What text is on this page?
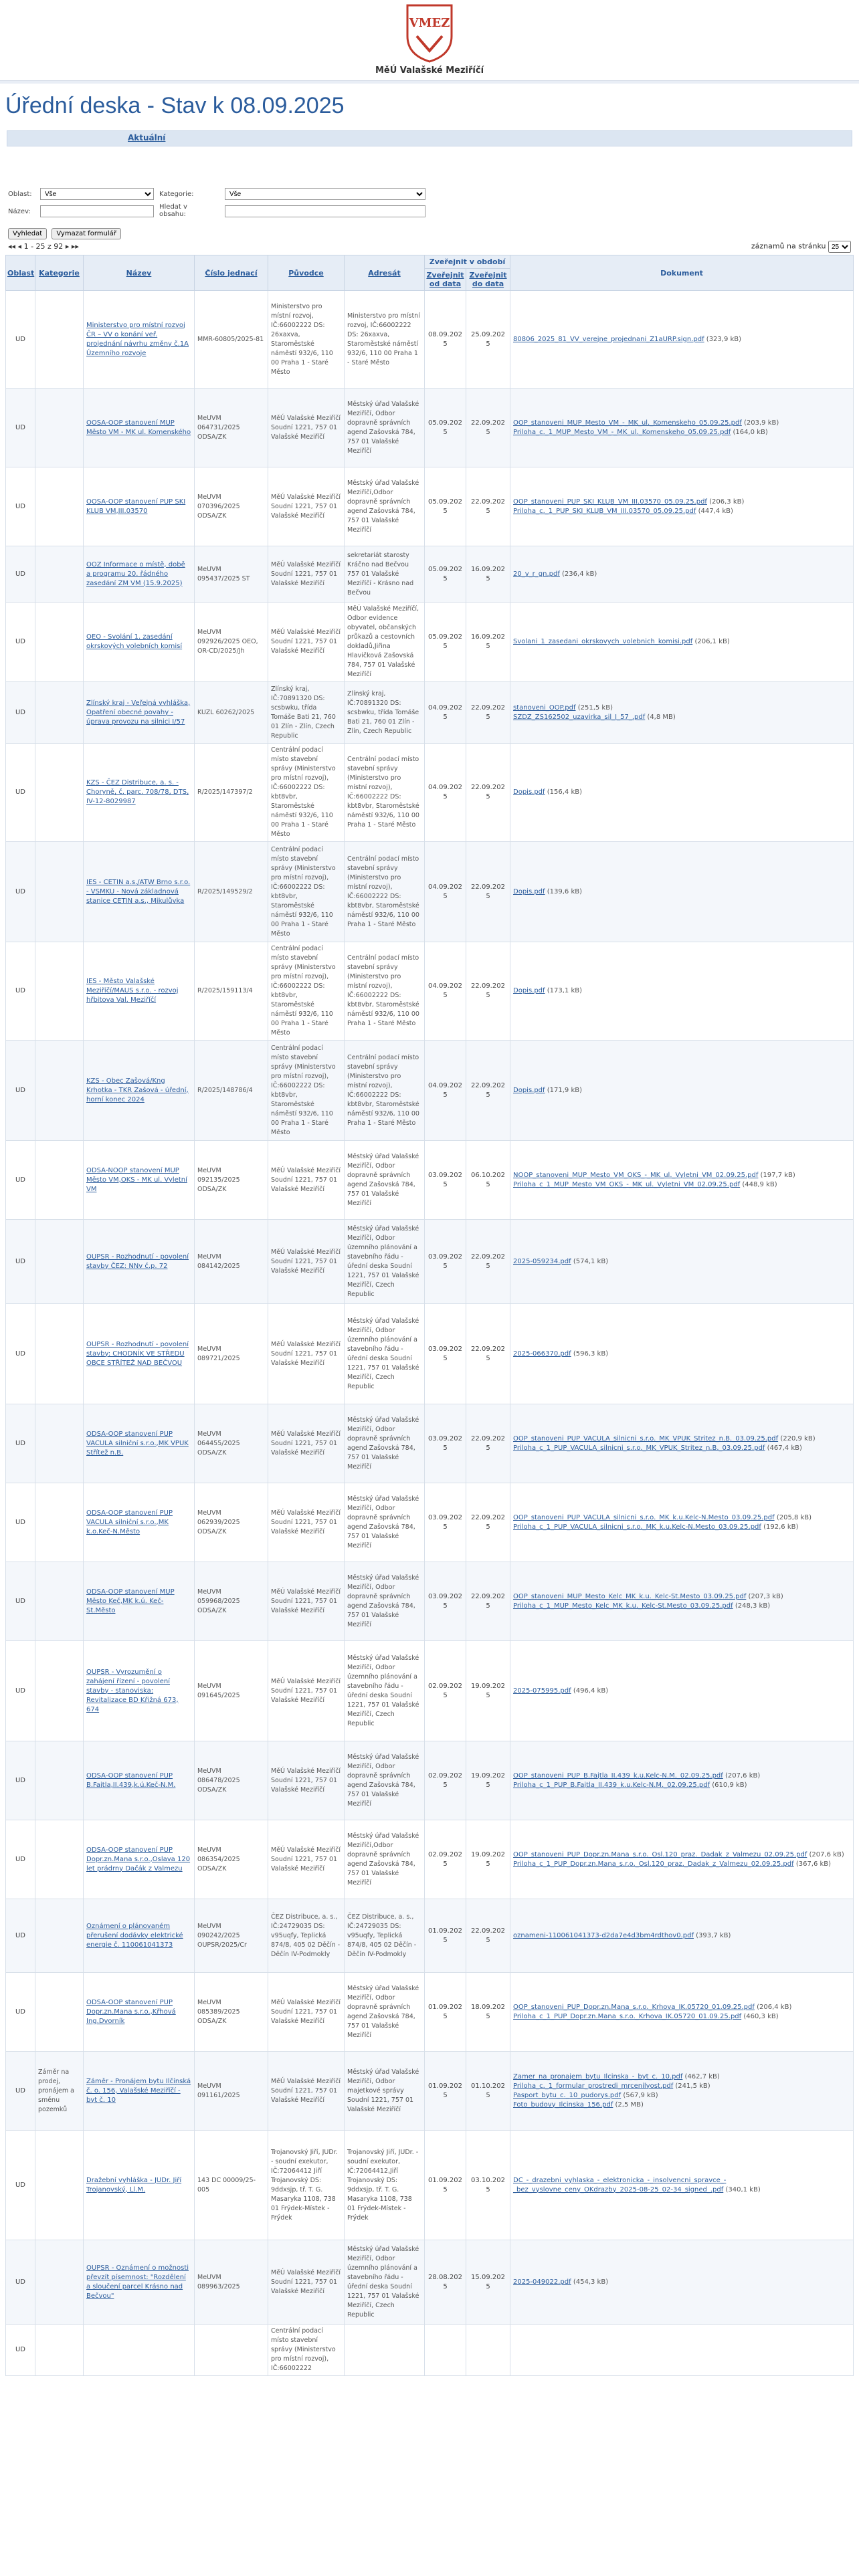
VMEZ
MěÚ Valašské Meziříčí
Úřední deska - Stav k 08.09.2025
Aktuální
Oblast:
Vše	Kategorie:
Vše
Název:
Hledat v obsahu:
Vyhledat Vymazat formulář
◂◂ ◂ 1 - 25 z 92 ▸ ▸▸	záznamů na stránku
25
Oblast	Kategorie	Název	Číslo jednací	Původce	Adresát	Zveřejnit v období		Dokument
						Zveřejnit od data	Zveřejnit do data	
UD		Ministerstvo pro místní rozvoj ČR – VV o konání veř. projednání návrhu změny č.1A Územního rozvoje	MMR-60805/2025-81	Ministerstvo pro místní rozvoj, IČ:66002222 DS: 26xaxva, Staroměstské náměstí 932/6, 110 00 Praha 1 - Staré Město	Ministerstvo pro místní rozvoj, IČ:66002222 DS: 26xaxva, Staroměstské náměstí 932/6, 110 00 Praha 1 - Staré Město	08.09.2025	25.09.2025	80806_2025_81_VV_verejne_projednani_Z1aURP.sign.pdf (323,9 kB)

UD		OOSA-OOP stanovení MUP Město VM - MK ul. Komenského	MeUVM 064731/2025 ODSA/ZK	MěÚ Valašské Meziříčí Soudní 1221, 757 01 Valašské Meziříčí	Městský úřad Valašské Meziříčí, Odbor dopravně správních agend Zašovská 784, 757 01 Valašské Meziříčí	05.09.2025	22.09.2025	OOP_stanoveni_MUP_Mesto_VM_-_MK_ul._Komenskeho_05.09.25.pdf (203,9 kB)
Priloha_c._1_MUP_Mesto_VM_-_MK_ul._Komenskeho_05.09.25.pdf (164,0 kB)

UD		OOSA-OOP stanovení PUP SKI KLUB VM,III.03570	MeUVM 070396/2025 ODSA/ZK	MěÚ Valašské Meziříčí Soudní 1221, 757 01 Valašské Meziříčí	Městský úřad Valašské Meziříčí,Odbor dopravně správních agend Zašovská 784, 757 01 Valašské Meziříčí	05.09.2025	22.09.2025	OOP_stanoveni_PUP_SKI_KLUB_VM_III.03570_05.09.25.pdf (206,3 kB)
Priloha_c._1_PUP_SKI_KLUB_VM_III.03570_05.09.25.pdf (447,4 kB)

UD		OOZ Informace o místě, době a programu 20. řádného zasedání ZM VM (15.9.2025)	MeUVM 095437/2025 ST	MěÚ Valašské Meziříčí Soudní 1221, 757 01 Valašské Meziříčí	sekretariát starosty Kráčno nad Bečvou 757 01 Valašské Meziříčí - Krásno nad Bečvou	05.09.2025	16.09.2025	20_v_r_gn.pdf (236,4 kB)

UD		OEO - Svolání 1. zasedání okrskových volebních komisí	MeUVM 092926/2025 OEO, OR-CD/2025/Jh	MěÚ Valašské Meziříčí Soudní 1221, 757 01 Valašské Meziříčí	MěÚ Valašské Meziříčí, Odbor evidence obyvatel, občanských průkazů a cestovních dokladů,Jiřina Hlavičková Zašovská 784, 757 01 Valašské Meziříčí	05.09.2025	16.09.2025	Svolani_1_zasedani_okrskovych_volebnich_komisi.pdf (206,1 kB)

UD		Zlínský kraj - Veřejná vyhláška, Opatření obecné povahy - úprava provozu na silnici I/57	KUZL 60262/2025	Zlínský kraj, IČ:70891320 DS: scsbwku, třída Tomáše Bati 21, 760 01 Zlín - Zlín, Czech Republic	Zlínský kraj, IČ:70891320 DS: scsbwku, třída Tomáše Bati 21, 760 01 Zlín - Zlín, Czech Republic	04.09.2025	22.09.2025	stanoveni_OOP.pdf (251,5 kB)
SZDZ_ZS162502_uzavirka_sil_I_57_.pdf (4,8 MB)

UD		KZS - ČEZ Distribuce, a. s. - Choryně, č. parc. 708/78, DTS, IV-12-8029987	R/2025/147397/2	Centrální podací místo stavební správy (Ministerstvo pro místní rozvoj), IČ:66002222 DS: kbt8vbr, Staroměstské náměstí 932/6, 110 00 Praha 1 - Staré Město	Centrální podací místo stavební správy (Ministerstvo pro místní rozvoj), IČ:66002222 DS: kbt8vbr, Staroměstské náměstí 932/6, 110 00 Praha 1 - Staré Město	04.09.2025	22.09.2025	Dopis.pdf (156,4 kB)

UD		IES - CETIN a.s./ATW Brno s.r.o. - VSMKU - Nová základnová stanice CETIN a.s., Mikulůvka	R/2025/149529/2	Centrální podací místo stavební správy (Ministerstvo pro místní rozvoj), IČ:66002222 DS: kbt8vbr, Staroměstské náměstí 932/6, 110 00 Praha 1 - Staré Město	Centrální podací místo stavební správy (Ministerstvo pro místní rozvoj), IČ:66002222 DS: kbt8vbr, Staroměstské náměstí 932/6, 110 00 Praha 1 - Staré Město	04.09.2025	22.09.2025	Dopis.pdf (139,6 kB)

UD		IES - Město Valašské Meziříčí/MAUS s.r.o. - rozvoj hřbitova Val. Meziříčí	R/2025/159113/4	Centrální podací místo stavební správy (Ministerstvo pro místní rozvoj), IČ:66002222 DS: kbt8vbr, Staroměstské náměstí 932/6, 110 00 Praha 1 - Staré Město	Centrální podací místo stavební správy (Ministerstvo pro místní rozvoj), IČ:66002222 DS: kbt8vbr, Staroměstské náměstí 932/6, 110 00 Praha 1 - Staré Město	04.09.2025	22.09.2025	Dopis.pdf (173,1 kB)

UD		KZS - Obec Zašová/Kng Krhotka - TKR Zašová - úřední, horní konec 2024	R/2025/148786/4	Centrální podací místo stavební správy (Ministerstvo pro místní rozvoj), IČ:66002222 DS: kbt8vbr, Staroměstské náměstí 932/6, 110 00 Praha 1 - Staré Město	Centrální podací místo stavební správy (Ministerstvo pro místní rozvoj), IČ:66002222 DS: kbt8vbr, Staroměstské náměstí 932/6, 110 00 Praha 1 - Staré Město	04.09.2025	22.09.2025	Dopis.pdf (171,9 kB)

UD		ODSA-NOOP stanovení MUP Město VM,OKS - MK ul. Vyletní VM	MeUVM 092135/2025 ODSA/ZK	MěÚ Valašské Meziříčí Soudní 1221, 757 01 Valašské Meziříčí	Městský úřad Valašské Meziříčí, Odbor dopravně správních agend Zašovská 784, 757 01 Valašské Meziříčí	03.09.2025	06.10.2025	NOOP_stanoveni_MUP_Mesto_VM_OKS_-_MK_ul._Vyletni_VM_02.09.25.pdf (197,7 kB)
Priloha_c_1_MUP_Mesto_VM_OKS_-_MK_ul._Vyletni_VM_02.09.25.pdf (448,9 kB)

UD		OUPSR - Rozhodnutí - povolení stavby ČEZ: NNv č.p. 72	MeUVM 084142/2025	MěÚ Valašské Meziříčí Soudní 1221, 757 01 Valašské Meziříčí	Městský úřad Valašské Meziříčí, Odbor územního plánování a stavebního řádu - úřední deska Soudní 1221, 757 01 Valašské Meziříčí, Czech Republic	03.09.2025	22.09.2025	2025-059234.pdf (574,1 kB)

UD		OUPSR - Rozhodnutí - povolení stavby: CHODNÍK VE STŘEDU OBCE STŘÍTEŽ NAD BEČVOU	MeUVM 089721/2025	MěÚ Valašské Meziříčí Soudní 1221, 757 01 Valašské Meziříčí	Městský úřad Valašské Meziříčí, Odbor územního plánování a stavebního řádu - úřední deska Soudní 1221, 757 01 Valašské Meziříčí, Czech Republic	03.09.2025	22.09.2025	2025-066370.pdf (596,3 kB)

UD		ODSA-OOP stanovení PUP VACULA silniční s.r.o.,MK VPUK Střítež n.B.	MeUVM 064455/2025 ODSA/ZK	MěÚ Valašské Meziříčí Soudní 1221, 757 01 Valašské Meziříčí	Městský úřad Valašské Meziříčí, Odbor dopravně správních agend Zašovská 784, 757 01 Valašské Meziříčí	03.09.2025	22.09.2025	OOP_stanoveni_PUP_VACULA_silnicni_s.r.o._MK_VPUK_Stritez_n.B._03.09.25.pdf (220,9 kB)
Priloha_c_1_PUP_VACULA_silnicni_s.r.o._MK_VPUK_Stritez_n.B._03.09.25.pdf (467,4 kB)

UD		ODSA-OOP stanovení PUP VACULA silniční s.r.o.,MK k.o.Keč-N.Město	MeUVM 062939/2025 ODSA/ZK	MěÚ Valašské Meziříčí Soudní 1221, 757 01 Valašské Meziříčí	Městský úřad Valašské Meziříčí, Odbor dopravně správních agend Zašovská 784, 757 01 Valašské Meziříčí	03.09.2025	22.09.2025	OOP_stanoveni_PUP_VACULA_silnicni_s.r.o._MK_k.u.Kelc-N.Mesto_03.09.25.pdf (205,8 kB)
Priloha_c_1_PUP_VACULA_silnicni_s.r.o._MK_k.u.Kelc-N.Mesto_03.09.25.pdf (192,6 kB)

UD		ODSA-OOP stanovení MUP Město Keč,MK k.ú. Keč-St.Město	MeUVM 059968/2025 ODSA/ZK	MěÚ Valašské Meziříčí Soudní 1221, 757 01 Valašské Meziříčí	Městský úřad Valašské Meziříčí, Odbor dopravně správních agend Zašovská 784, 757 01 Valašské Meziříčí	03.09.2025	22.09.2025	OOP_stanoveni_MUP_Mesto_Kelc_MK_k.u._Kelc-St.Mesto_03.09.25.pdf (207,3 kB)
Priloha_c_1_MUP_Mesto_Kelc_MK_k.u._Kelc-St.Mesto_03.09.25.pdf (248,3 kB)

UD		OUPSR - Vyrozumění o zahájení řízení - povolení stavby - stanoviska: Revitalizace BD Křižná 673, 674	MeUVM 091645/2025	MěÚ Valašské Meziříčí Soudní 1221, 757 01 Valašské Meziříčí	Městský úřad Valašské Meziříčí, Odbor územního plánování a stavebního řádu - úřední deska Soudní 1221, 757 01 Valašské Meziříčí, Czech Republic	02.09.2025	19.09.2025	2025-075995.pdf (496,4 kB)

UD		ODSA-OOP stanovení PUP B.Fajtla,II.439,k.ú.Keč-N.M.	MeUVM 086478/2025 ODSA/ZK	MěÚ Valašské Meziříčí Soudní 1221, 757 01 Valašské Meziříčí	Městský úřad Valašské Meziříčí, Odbor dopravně správních agend Zašovská 784, 757 01 Valašské Meziříčí	02.09.2025	19.09.2025	OOP_stanoveni_PUP_B.Fajtla_II.439_k.u.Kelc-N.M._02.09.25.pdf (207,6 kB)
Priloha_c_1_PUP_B.Fajtla_II.439_k.u.Kelc-N.M._02.09.25.pdf (610,9 kB)

UD		ODSA-OOP stanovení PUP Dopr.zn.Mana s.r.o.,Oslava 120 let prádrny Dačák z Valmezu	MeUVM 086354/2025 ODSA/ZK	MěÚ Valašské Meziříčí Soudní 1221, 757 01 Valašské Meziříčí	Městský úřad Valašské Meziříčí,Odbor dopravně správních agend Zašovská 784, 757 01 Valašské Meziříčí	02.09.2025	19.09.2025	OOP_stanoveni_PUP_Dopr.zn.Mana_s.r.o._Osl.120_praz._Dadak_z_Valmezu_02.09.25.pdf (207,6 kB)
Priloha_c_1_PUP_Dopr.zn.Mana_s.r.o._Osl.120_praz._Dadak_z_Valmezu_02.09.25.pdf (367,6 kB)

UD		Oznámení o plánovaném přerušení dodávky elektrické energie č. 110061041373	MeUVM 090242/2025 OUPSR/2025/Cr	ČEZ Distribuce, a. s., IČ:24729035 DS: v95uqfy, Teplická 874/8, 405 02 Děčín - Děčín IV-Podmokly	ČEZ Distribuce, a. s., IČ:24729035 DS: v95uqfy, Teplická 874/8, 405 02 Děčín - Děčín IV-Podmokly	01.09.2025	22.09.2025	oznameni-110061041373-d2da7e4d3bm4rdthov0.pdf (393,7 kB)

UD		ODSA-OOP stanovení PUP Dopr.zn.Mana s.r.o.,Křhová Ing.Dvorník	MeUVM 085389/2025 ODSA/ZK	MěÚ Valašské Meziříčí Soudní 1221, 757 01 Valašské Meziříčí	Městský úřad Valašské Meziříčí, Odbor dopravně správních agend Zašovská 784, 757 01 Valašské Meziříčí	01.09.2025	18.09.2025	OOP_stanoveni_PUP_Dopr.zn.Mana_s.r.o._Krhova_IK.05720_01.09.25.pdf (206,4 kB)
Priloha_c_1_PUP_Dopr.zn.Mana_s.r.o._Krhova_IK.05720_01.09.25.pdf (460,3 kB)

UD	Záměr na prodej, pronájem a směnu pozemků	Záměr - Pronájem bytu Ilčínská č. o. 156, Valašské Meziříčí - byt č. 10	MeUVM 091161/2025	MěÚ Valašské Meziříčí Soudní 1221, 757 01 Valašské Meziříčí	Městský úřad Valašské Meziříčí, Odbor majetkové správy Soudní 1221, 757 01 Valašské Meziříčí	01.09.2025	01.10.2025	Zamer_na_pronajem_bytu_Ilcinska_-_byt_c._10.pdf (462,7 kB)
Priloha_c._1_formular_prostredi_mrcenilyost.pdf (241,5 kB)
Pasport_bytu_c._10_pudorys.pdf (567,9 kB)
Foto_budovy_Ilcinska_156.pdf (2,5 MB)

UD		Dražební vyhláška - JUDr. Jiří Trojanovský, Ll.M.	143 DC 00009/25-005	Trojanovský Jiří, JUDr. - soudní exekutor, IČ:72064412 Jiří Trojanovský DS: 9ddxsjp, tř. T. G. Masaryka 1108, 738 01 Frýdek-Místek - Frýdek	Trojanovský Jiří, JUDr. - soudní exekutor, IČ:72064412,Jiří Trojanovský DS: 9ddxsjp, tř. T. G. Masaryka 1108, 738 01 Frýdek-Místek - Frýdek	01.09.2025	03.10.2025	DC_-_drazebni_vyhlaska_-_elektronicka_-_insolvencni_spravce_-_bez_vyslovne_ceny_OKdrazby_2025-08-25_02-34_signed_.pdf (340,1 kB)

UD		OUPSR - Oznámení o možnosti převzít písemnost: "Rozdělení a sloučení parcel Krásno nad Bečvou"	MeUVM 089963/2025	MěÚ Valašské Meziříčí Soudní 1221, 757 01 Valašské Meziříčí	Městský úřad Valašské Meziříčí, Odbor územního plánování a stavebního řádu - úřední deska Soudní 1221, 757 01 Valašské Meziříčí, Czech Republic	28.08.2025	15.09.2025	2025-049022.pdf (454,3 kB)

UD				Centrální podací místo stavební správy (Ministerstvo pro místní rozvoj), IČ:66002222				
